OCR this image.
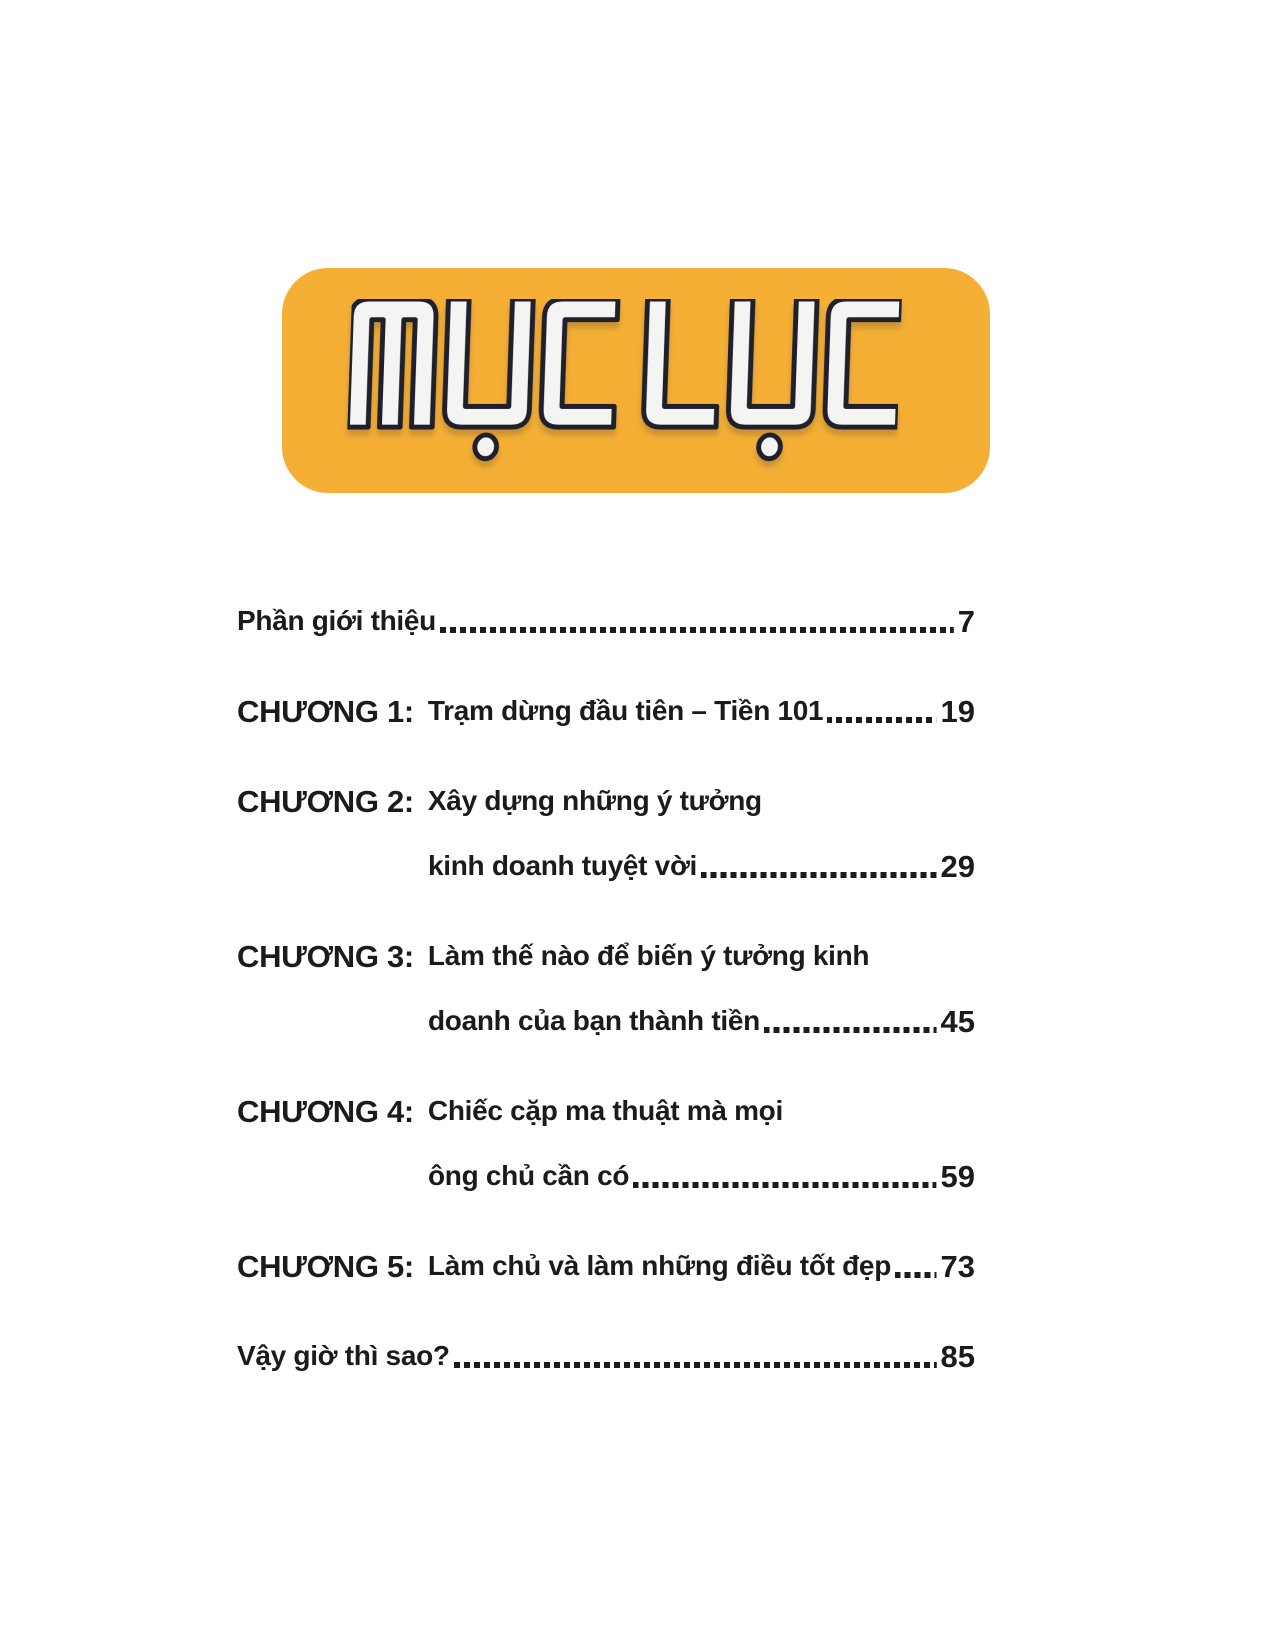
Phần giới thiệu	7
CHƯƠNG 1: Trạm dừng đầu tiên – Tiền 101	19
CHƯƠNG 2: Xây dựng những ý tưởng
kinh doanh tuyệt vời	29
CHƯƠNG 3: Làm thế nào để biến ý tưởng kinh
doanh của bạn thành tiền	45
CHƯƠNG 4: Chiếc cặp ma thuật mà mọi
ông chủ cần có	59
CHƯƠNG 5: Làm chủ và làm những điều tốt đẹp 73
Vậy giờ thì sao?	85
